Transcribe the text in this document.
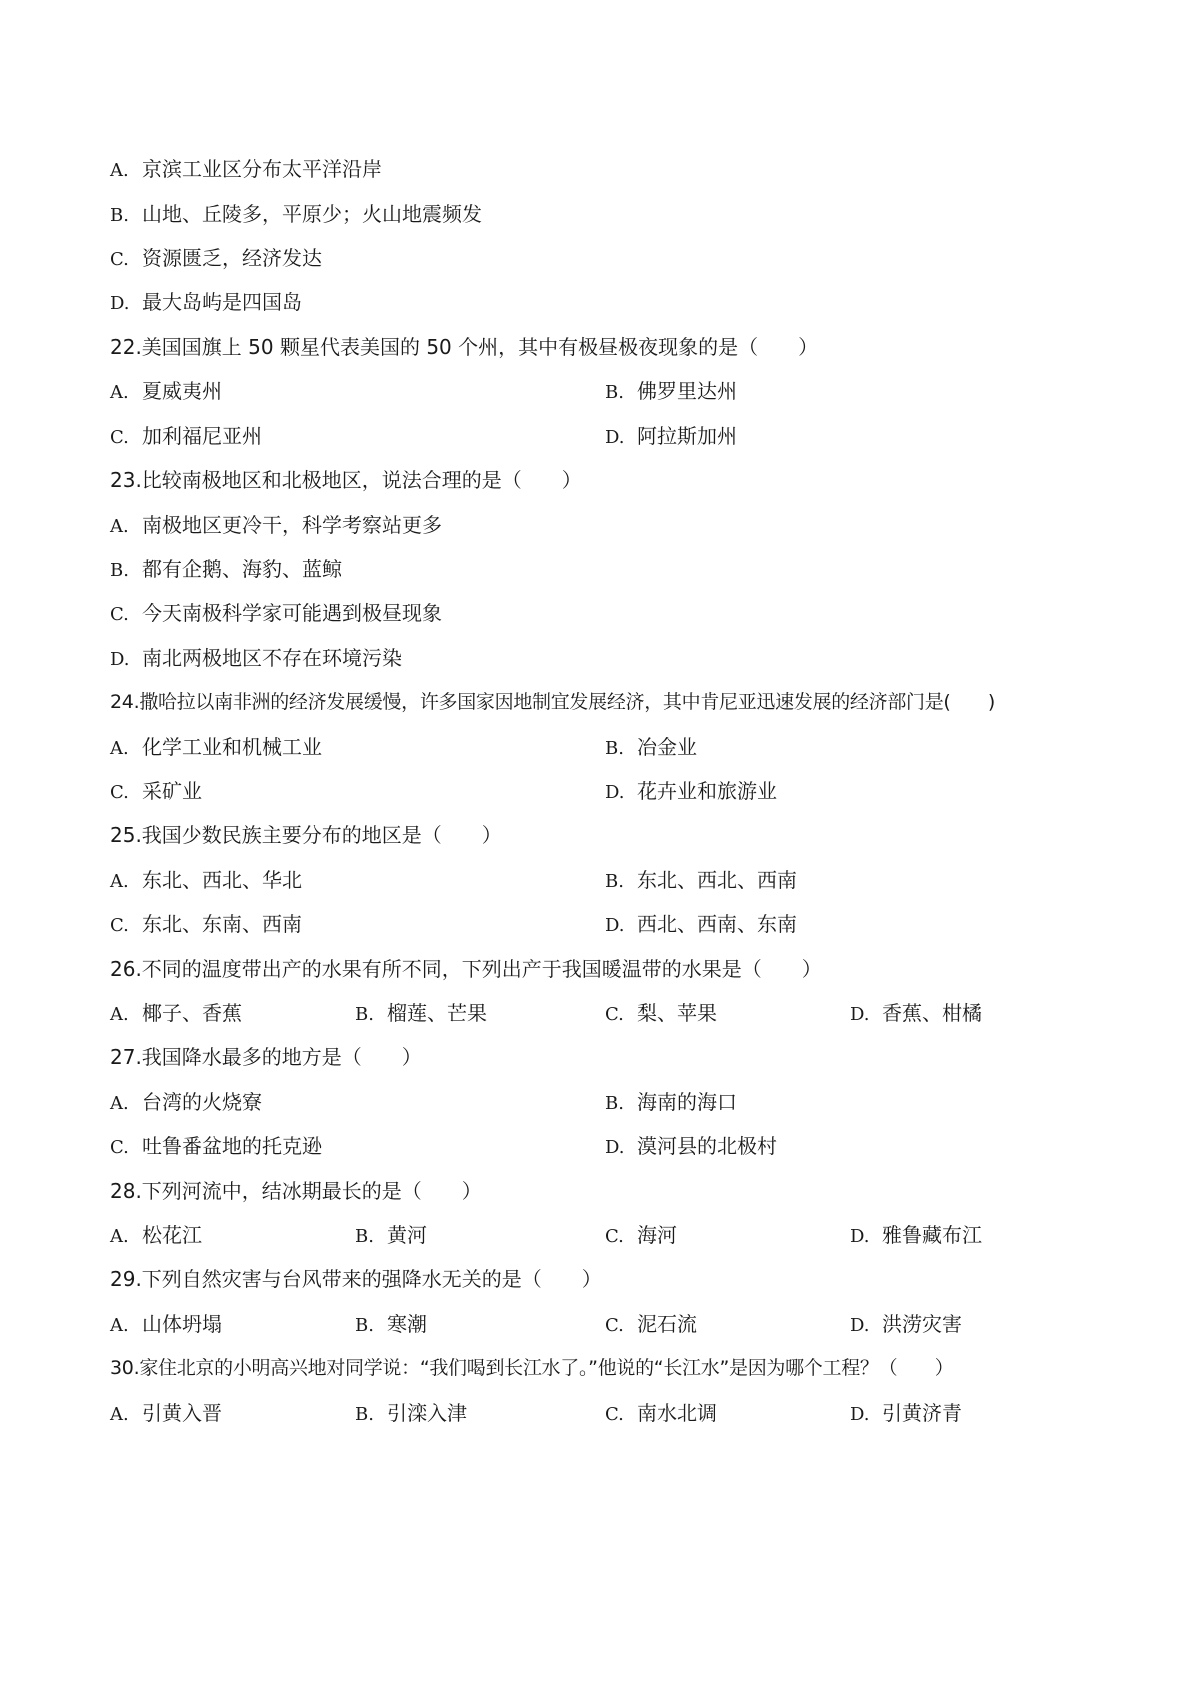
A. 京滨工业区分布太平洋沿岸
B. 山地、丘陵多，平原少；火山地震频发
C. 资源匮乏，经济发达
D. 最大岛屿是四国岛
22.美国国旗上 50 颗星代表美国的 50 个州，其中有极昼极夜现象的是（　　）
A. 夏威夷州	B. 佛罗里达州
C. 加利福尼亚州	D. 阿拉斯加州
23.比较南极地区和北极地区，说法合理的是（　　）
A. 南极地区更冷干，科学考察站更多
B. 都有企鹅、海豹、蓝鲸
C. 今天南极科学家可能遇到极昼现象
D. 南北两极地区不存在环境污染
24.撒哈拉以南非洲的经济发展缓慢，许多国家因地制宜发展经济，其中肯尼亚迅速发展的经济部门是(　　)
A. 化学工业和机械工业	B. 冶金业
C. 采矿业	D. 花卉业和旅游业
25.我国少数民族主要分布的地区是（　　）
A. 东北、西北、华北	B. 东北、西北、西南
C. 东北、东南、西南	D. 西北、西南、东南
26.不同的温度带出产的水果有所不同，下列出产于我国暖温带的水果是（　　）
A. 椰子、香蕉	B. 榴莲、芒果	C. 梨、苹果	D. 香蕉、柑橘
27.我国降水最多的地方是（　　）
A. 台湾的火烧寮	B. 海南的海口
C. 吐鲁番盆地的托克逊	D. 漠河县的北极村
28.下列河流中，结冰期最长的是（　　）
A. 松花江	B. 黄河	C. 海河	D. 雅鲁藏布江
29.下列自然灾害与台风带来的强降水无关的是（　　）
A. 山体坍塌	B. 寒潮	C. 泥石流	D. 洪涝灾害
30.家住北京的小明高兴地对同学说：“我们喝到长江水了。”他说的“长江水”是因为哪个工程？（　　）
A. 引黄入晋	B. 引滦入津	C. 南水北调	D. 引黄济青
